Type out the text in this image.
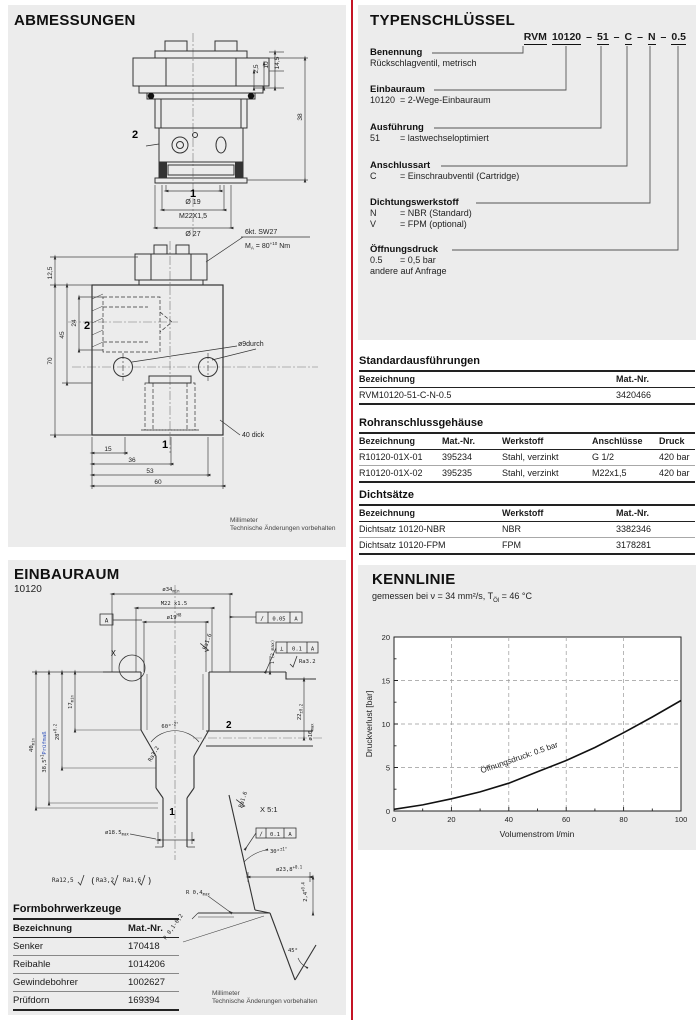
ABMESSUNGEN
2
1
2,5 10 14,5
38
Ø 19
M22X1,5
Ø 27	6kt. SW27
$M_A = 80^{+10}$ Nm
2
1
ø9durch
40 dick
12,5
24
45
70
15
36
53
60
Millimeter
Technische Änderungen vorbehalten
TYPENSCHLÜSSEL
RVM 10120 – 51 – C – N – 0.5
Benennung
Rückschlagventil, metrisch
Einbauraum
10120 = 2-Wege-Einbauraum
Ausführung
51	= lastwechseloptimiert
Anschlussart
C	= Einschraubventil (Cartridge)
Dichtungswerkstoff
N	= NBR (Standard)
V	= FPM (optional)
Öffnungsdruck
0.5	= 0,5 bar
andere auf Anfrage
Standardausführungen
Bezeichnung	Mat.-Nr.
RVM10120-51-C-N-0.5	3420466
Rohranschlussgehäuse
Bezeichnung	Mat.-Nr.	Werkstoff	Anschlüsse	Druck
R10120-01X-01	395234	Stahl, verzinkt	G 1/2	420 bar
R10120-01X-02	395235	Stahl, verzinkt	M22x1,5	420 bar
Dichtsätze
Bezeichnung	Werkstoff	Mat.-Nr.
Dichtsatz 10120-NBR	NBR	3382346
Dichtsatz 10120-FPM	FPM	3178281
EINBAURAUM
10120	$ø34_{min}$
M22 x1.5
$ø19^{H8}$
A	∕ 0.05 A
⊥ 0.1 A
Ra3.2
Ra1.6
X	1 (2 max)
$22_{\pm 0.2}$
$ø10_{max}$
60°$^{-2^\circ}$	2
Ra3.2
1
$ø18.5_{max}$
$17_{min}$
$28^{+0.2}$
$38,5^{+1}Prüfmaß$
$40_{min}$
X 5:1
Ra1.6
∕ 0.1 A
30°$^{\pm 1^\circ}$
$ø23,8^{+0.1}$
$2,4^{+0.4}$
R $0,4_{max}$
R 0,1-0,2
45°
Ra12,5 ( Ra3,2 Ra1,6 )
Formbohrwerkzeuge
Bezeichnung	Mat.-Nr.
Senker	170418
Reibahle	1014206
Gewindebohrer	1002627
Prüfdorn	169394
Millimeter
Technische Änderungen vorbehalten
KENNLINIE
gemessen bei ν = 34 mm²/s, $T_{Öl} = 46$ °C
Öffnungsdruck: 0.5 bar
0
5
10
15
20
0	20	40	60	80	100
Volumenstrom l/min
Druckverlust [bar]
